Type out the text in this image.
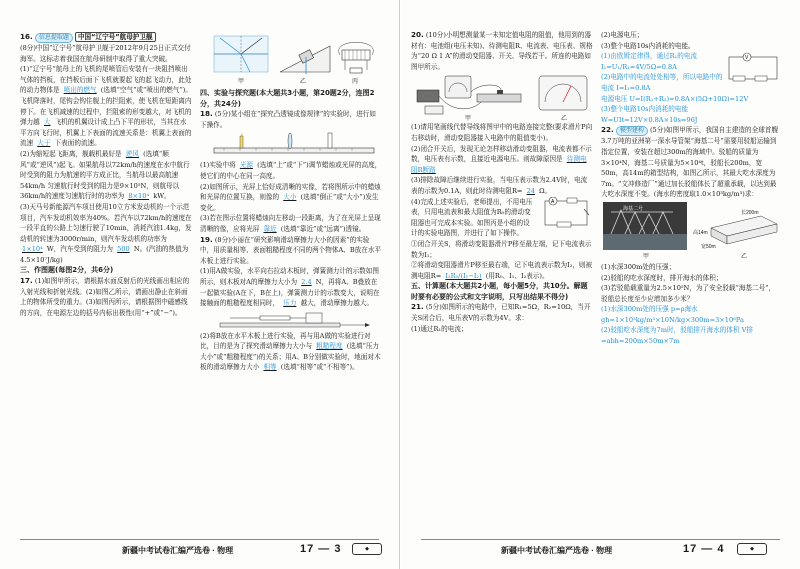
16. 信息提取题 中国“辽宁号”航母护卫舰

(8分)中国“辽宁号”航母护卫舰于2012年9月25日正式交付海军。这标志着我国在航母研制中取得了重大突破。

(1)“辽宁号”航母上的飞机的尾喷管后安装有一块阻挡喷出气体的挡板，在挡板后面下飞机就要起飞的起飞动力，此处的动力物体是 喷出的燃气 (选填“空气”或“喷出的燃气”)。飞机降落时，尾钩会钩住舰上的拦阻索，使飞机在短距离内停下。在飞机减速的过程中，拦阻索的形变越大，对飞机的弹力越 大 飞机的机翼设计成上凸下平的形状，当其在水平方向飞行时，机翼上下表面的流速关系是：机翼上表面的流速 大于 下表面的流速。

(2)为缩短起飞距离，舰载机最好是 逆风 (选填“顺风”或“逆风”)起飞。如果航母以72km/h的速度在水中航行时受到的阻力为航速的平方成正比，当航母以最高航速54km/h 匀速航行时受到的阻力是9×10⁵N，则航母以36km/h的速度匀速航行时的功率为 8×10⁴ kW。

(3)天马号新能源汽车项目使用10立方米发动机的一个示范项目，汽车发动机效率为40%。若汽车以72km/h的速度在一段平直的公路上匀速行驶了10min，消耗汽油1.4kg，发动机的转速为3000r/min，则汽车发动机的功率为 1×10⁴ W，汽车受到的阻力为 500 N。(汽油的热值为4.5×10⁷J/kg)

三、作图题(每图2分，共6分)

17. (1)如图甲所示，请根据水面反射后的光线画出相应的入射光线和折射光线。(2)如图乙所示，请画出静止在斜面上的物体所受的重力。(3)如图丙所示，请根据图中磁感线的方向，在电源左边的括号内标出极性(用“+”或“−”)。

甲	乙	丙

四、实验与探究题(本大题共3小题，第20题2分，连图2分，共24分)

18. (5分)某小组在“探究凸透镜成像规律”的实验时，进行如下操作。

(1)实验中将 光源 (选填“上”或“下”)调节蜡烛或光屏的高度，使它们的中心在同一高度。

(2)如图所示，光屏上恰好成清晰的实像，若将图所示中的蜡烛和光屏的位置互换，则像的 大小 (选填“倒正”或“大小”)发生变化。

(3)若在图示位置将蜡烛向左移动一段距离，为了在光屏上呈现清晰的像，应将光屏 靠近 (选填“靠近”或“远离”)透镜。

19. (8分)小丽在“研究影响滑动摩擦力大小的因素”的实验中，用质量相等、表面粗糙程度不同的两个物体A、B放在水平木板上进行实验。

(1)用A做实验，水平向右拉动木板时，弹簧测力计的示数如图所示，则木板对A的摩擦力大小为 2.4 N，再将A、B叠放在一起做实验(A在下，B在上)，弹簧测力计的示数变大，说明在接触面的粗糙程度相同时， 压力 越大，滑动摩擦力越大。

(2)将B放在水平木板上进行实验，再与用A做的实验进行对比，目的是为了探究滑动摩擦力大小与 粗糙程度 (选填“压力大小”或“粗糙程度”)的关系；用A、B分别做实验时，地面对木板的滑动摩擦力大小 相等 (选填“相等”或“不相等”)。

新疆中考试卷汇编严选卷 · 物理	17 — 3	◆

20. (10分)小明想测量某一未知定值电阻的阻值，他用到的器材有：电池组(电压未知)、待测电阻R、电流表、电压表、规格为“20 Ω 1 A”的滑动变阻器、开关、导线若干。所连的电路如图甲所示。

甲	乙

(1)请用笔画线代替导线将图甲中的电路连接完整(要求滑片P向右移动时，滑动变阻器接入电路中的阻值变小)。

(2)闭合开关后，发现无论怎样移动滑动变阻器，电流表都不示数，电压表有示数，且接近电源电压。则故障原因是 待测电阻R断路

(3)排除故障后继续进行实验，当电压表示数为2.4V时，电流表的示数为0.1A，则此时待测电阻R= 24 Ω。

A

(4)完成上述实验后，老师提出，不用电压表，只用电流表和最大阻值为R₀的滑动变阻器也可完成本实验。如图丙是小组的设计的实验电路图，并进行了如下操作。

①闭合开关S，将滑动变阻器滑片P移至最左端，记下电流表示数为I₁；

②将滑动变阻器滑片P移至最右端，记下电流表示数为I₂，则被测电阻R= I₂R₀/(I₁−I₂) (用R₀、I₁、I₂表示)。

五、计算题(本大题共2小题，每小题5分，共10分。解题时要有必要的公式和文字说明，只写出结果不得分)

21. (5分)如图所示的电路中，已知R₁=5Ω，R₂=10Ω，当开关S闭合后，电压表V的示数为4V。求：

(1)通过R₁的电流；

(2)电源电压；

(3)整个电路10s内消耗的电能。

V

(1)由欧姆定律得，通过R₁的电流 I₁=U₁/R₁=4V/5Ω=0.8A

(2)电路中的电流处处相等，所以电路中的电流 I=I₁=0.8A

电源电压 U=I(R₁+R₂)=0.8A×(5Ω+10Ω)=12V

(3)整个电路10s内消耗的电能 W=UIt=12V×0.8A×10s=96J

22. 模型建构 (5分)如图甲所示，我国自主建造的全球首艘3.7万吨的亚洲第一深水导管架“海基二号”需要用驳船运输到指定位置，安装在超过300m的海域中。驳船的质量为3×10⁴N，海基二号质量为5×10⁴t，驳船长200m，宽50m，高14m的箱型结构，如图乙所示，其最大吃水深度为7m。“文冲修造厂”通过加长驳船体长了超重承载，以达到最大吃水深度不变。(海水的密度取1.0×10³kg/m³)求：

海基二号
甲	乙
长200m
宽50m
高14m

(1)水深300m处的压强；

(2)驳船的吃水深度时，排开海水的体积；

(3)若驳船载重量为2.5×10⁵N，为了安全驳载“海基二号”，驳船总长度至少应增加多少米？

(1)水深300m处的压强 p=ρ海水gh=1×10³kg/m³×10N/kg×300m=3×10⁶Pa

(2)驳船吃水深度为7m时，驳船排开海水的体积 V排=abh=200m×50m×7m

新疆中考试卷汇编严选卷 · 物理	17 — 4	◆
